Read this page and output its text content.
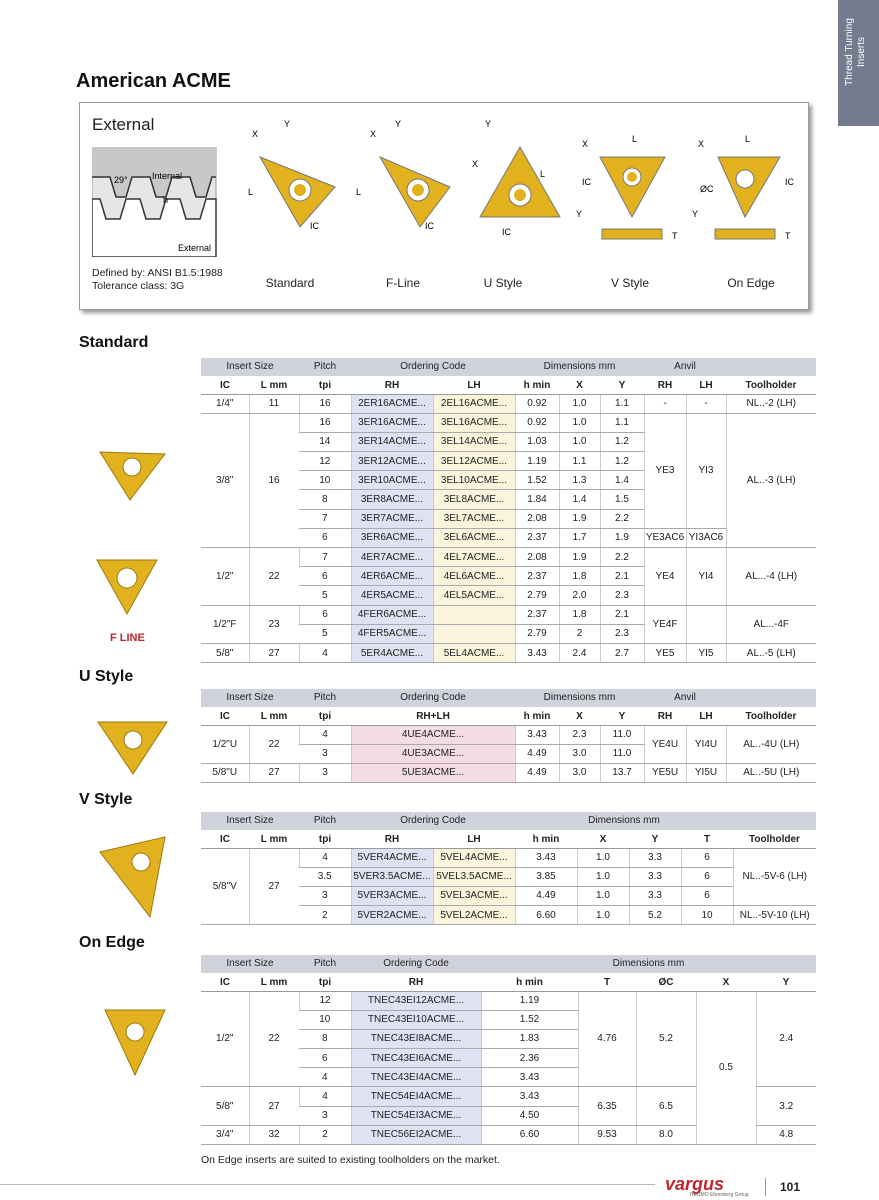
Thread Turning Inserts
American ACME
External
Internal
29°
h
External
Defined by: ANSI B1.5:1988
Tolerance class: 3G
X
Y
L
IC
X
Y
L
IC
Y
X
L
IC
X	L
IC
Y
T
X	L
IC
ØC
Y
T
Standard	F-Line	U Style	V Style	On Edge
Standard
F LINE
Insert Size		Pitch	Ordering Code		Dimensions mm			Anvil		
IC	L mm	tpi	RH	LH	h min	X	Y	RH	LH	Toolholder
1/4"	11	16	2ER16ACME...	2EL16ACME...	0.92	1.0	1.1	-	-	NL..-2 (LH)
3/8"	16	16	3ER16ACME...	3EL16ACME...	0.92	1.0	1.1	YE3	YI3	AL..-3 (LH)
		14	3ER14ACME...	3EL14ACME...	1.03	1.0	1.2			
		12	3ER12ACME...	3EL12ACME...	1.19	1.1	1.2			
		10	3ER10ACME...	3EL10ACME...	1.52	1.3	1.4			
		8	3ER8ACME...	3EL8ACME...	1.84	1.4	1.5			
		7	3ER7ACME...	3EL7ACME...	2.08	1.9	2.2			
		6	3ER6ACME...	3EL6ACME...	2.37	1.7	1.9	YE3AC6	YI3AC6	
1/2"	22	7	4ER7ACME...	4EL7ACME...	2.08	1.9	2.2	YE4	YI4	AL...-4 (LH)
		6	4ER6ACME...	4EL6ACME...	2.37	1.8	2.1			
		5	4ER5ACME...	4EL5ACME...	2.79	2.0	2.3			
1/2"F	23	6	4FER6ACME...		2.37	1.8	2.1	YE4F		AL...-4F
		5	4FER5ACME...		2.79	2	2.3			
5/8"	27	4	5ER4ACME...	5EL4ACME...	3.43	2.4	2.7	YE5	YI5	AL..-5 (LH)
U Style
Insert Size		Pitch	Ordering Code	Dimensions mm			Anvil		
IC	L mm	tpi	RH+LH	h min	X	Y	RH	LH	Toolholder
1/2"U	22	4	4UE4ACME...	3.43	2.3	11.0	YE4U	YI4U	AL..-4U (LH)
		3	4UE3ACME...	4.49	3.0	11.0			
5/8"U	27	3	5UE3ACME...	4.49	3.0	13.7	YE5U	YI5U	AL..-5U (LH)
V Style
Insert Size		Pitch	Ordering Code		Dimensions mm				
IC	L mm	tpi	RH	LH	h min	X	Y	T	Toolholder
5/8"V	27	4	5VER4ACME...	5VEL4ACME...	3.43	1.0	3.3	6	NL..-5V-6 (LH)
		3.5	5VER3.5ACME...	5VEL3.5ACME...	3.85	1.0	3.3	6	
		3	5VER3ACME...	5VEL3ACME...	4.49	1.0	3.3	6	
		2	5VER2ACME...	5VEL2ACME...	6.60	1.0	5.2	10	NL..-5V-10 (LH)
On Edge
Insert Size		Pitch	Ordering Code	Dimensions mm				
IC	L mm	tpi	RH	h min	T	ØC	X	Y
1/2"	22	12	TNEC43EI12ACME...	1.19	4.76	5.2	0.5	2.4
		10	TNEC43EI10ACME...	1.52				
		8	TNEC43EI8ACME...	1.83				
		6	TNEC43EI6ACME...	2.36				
		4	TNEC43EI4ACME...	3.43				
5/8"	27	4	TNEC54EI4ACME...	3.43	6.35	6.5		3.2
		3	TNEC54EI3ACME...	4.50				
3/4"	32	2	TNEC56EI2ACME...	6.60	9.53	8.0		4.8
On Edge inserts are suited to existing toolholders on the market.
vargus
NEUMO Ehrenberg Group
101
